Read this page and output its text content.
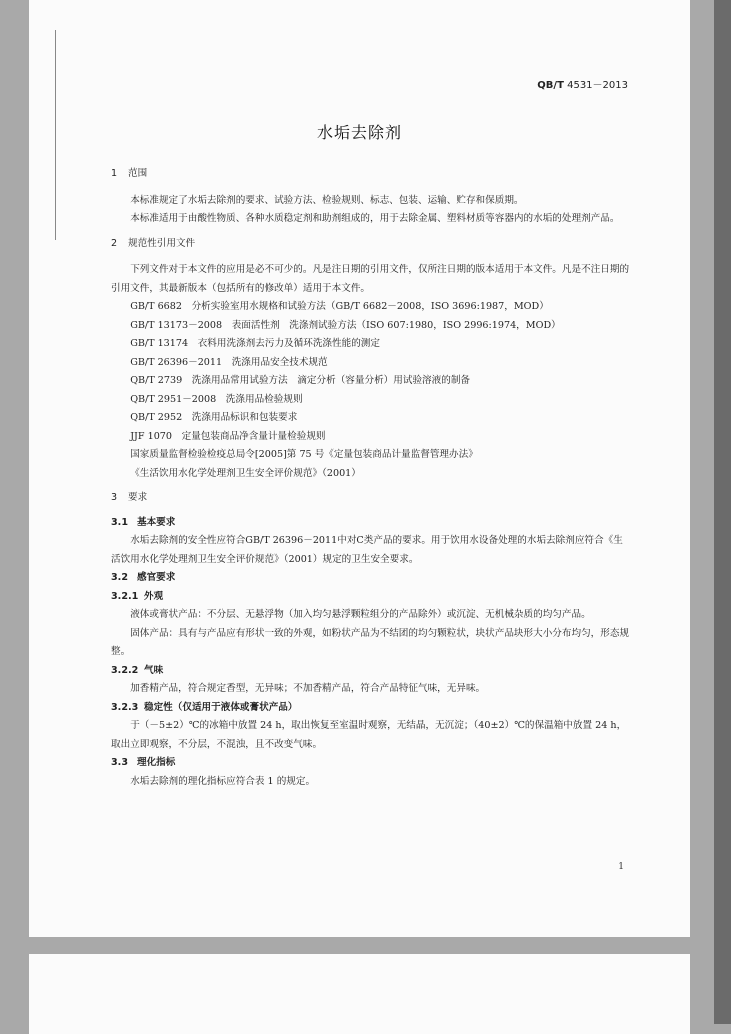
QB/T 4531－2013
水垢去除剂
1 范围
本标准规定了水垢去除剂的要求、试验方法、检验规则、标志、包装、运输、贮存和保质期。
本标准适用于由酸性物质、各种水质稳定剂和助剂组成的，用于去除金属、塑料材质等容器内的水垢的处理剂产品。
2 规范性引用文件
下列文件对于本文件的应用是必不可少的。凡是注日期的引用文件，仅所注日期的版本适用于本文件。凡是不注日期的引用文件，其最新版本（包括所有的修改单）适用于本文件。
GB/T 6682　分析实验室用水规格和试验方法（GB/T 6682－2008，ISO 3696:1987，MOD）
GB/T 13173－2008　表面活性剂　洗涤剂试验方法（ISO 607:1980，ISO 2996:1974，MOD）
GB/T 13174　衣料用洗涤剂去污力及循环洗涤性能的测定
GB/T 26396－2011　洗涤用品安全技术规范
QB/T 2739　洗涤用品常用试验方法　滴定分析（容量分析）用试验溶液的制备
QB/T 2951－2008　洗涤用品检验规则
QB/T 2952　洗涤用品标识和包装要求
JJF 1070　定量包装商品净含量计量检验规则
国家质量监督检验检疫总局令[2005]第 75 号《定量包装商品计量监督管理办法》
《生活饮用水化学处理剂卫生安全评价规范》（2001）
3 要求
3.1 基本要求
水垢去除剂的安全性应符合GB/T 26396－2011中对C类产品的要求。用于饮用水设备处理的水垢去除剂应符合《生活饮用水化学处理剂卫生安全评价规范》（2001）规定的卫生安全要求。
3.2 感官要求
3.2.1 外观
液体或膏状产品：不分层、无悬浮物（加入均匀悬浮颗粒组分的产品除外）或沉淀、无机械杂质的均匀产品。
固体产品：具有与产品应有形状一致的外观，如粉状产品为不结团的均匀颗粒状，块状产品块形大小分布均匀，形态规整。
3.2.2 气味
加香精产品，符合规定香型，无异味；不加香精产品，符合产品特征气味，无异味。
3.2.3 稳定性（仅适用于液体或膏状产品）
于（－5±2）℃的冰箱中放置 24 h，取出恢复至室温时观察，无结晶，无沉淀；（40±2）℃的保温箱中放置 24 h，取出立即观察，不分层，不混浊，且不改变气味。
3.3 理化指标
水垢去除剂的理化指标应符合表 1 的规定。
1
